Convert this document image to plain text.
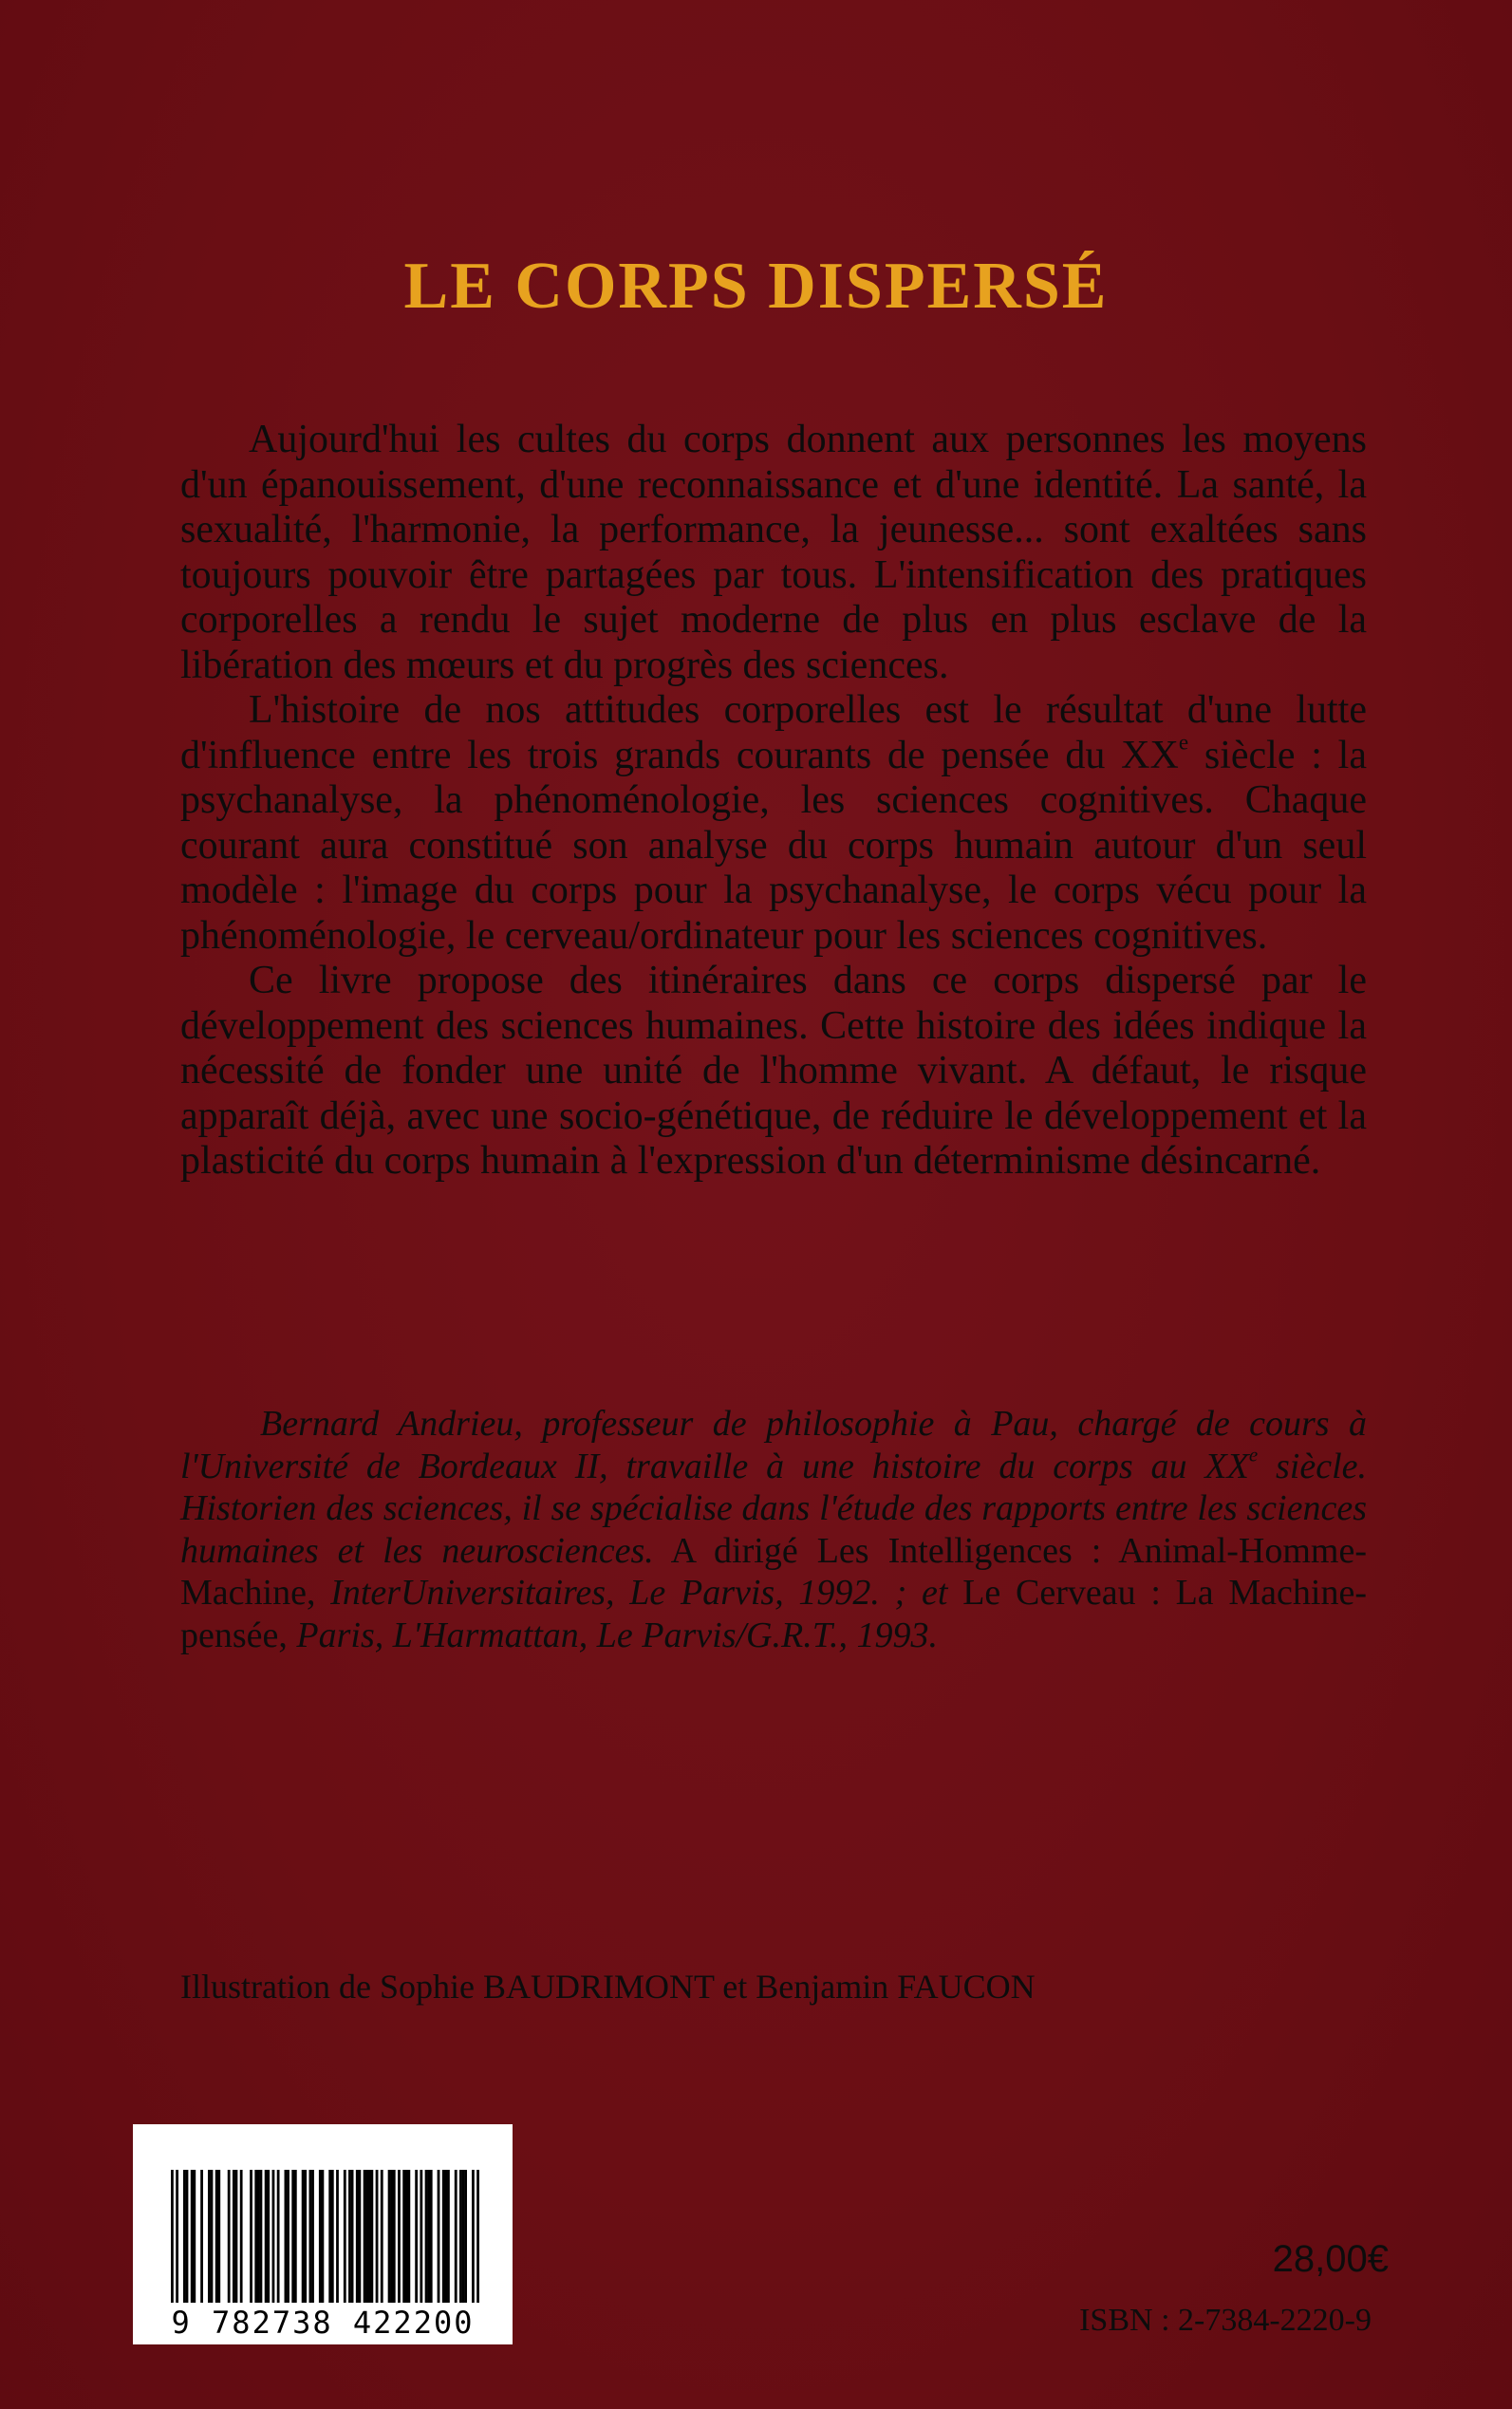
LE CORPS DISPERSÉ

Aujourd'hui les cultes du corps donnent aux personnes les moyens d'un épanouissement, d'une reconnaissance et d'une identité. La santé, la sexualité, l'harmonie, la performance, la jeunesse... sont exaltées sans toujours pouvoir être partagées par tous. L'intensification des pratiques corporelles a rendu le sujet moderne de plus en plus esclave de la libération des mœurs et du progrès des sciences.

L'histoire de nos attitudes corporelles est le résultat d'une lutte d'influence entre les trois grands courants de pensée du XXe siècle : la psychanalyse, la phénoménologie, les sciences cognitives. Chaque courant aura constitué son analyse du corps humain autour d'un seul modèle : l'image du corps pour la psychanalyse, le corps vécu pour la phénoménologie, le cerveau/ordinateur pour les sciences cognitives.

Ce livre propose des itinéraires dans ce corps dispersé par le développement des sciences humaines. Cette histoire des idées indique la nécessité de fonder une unité de l'homme vivant. A défaut, le risque apparaît déjà, avec une socio-génétique, de réduire le développement et la plasticité du corps humain à l'expression d'un déterminisme désincarné.

Bernard Andrieu, professeur de philosophie à Pau, chargé de cours à l'Université de Bordeaux II, travaille à une histoire du corps au XXe siècle. Historien des sciences, il se spécialise dans l'étude des rapports entre les sciences humaines et les neurosciences. A dirigé Les Intelligences : Animal-Homme-Machine, InterUniversitaires, Le Parvis, 1992. ; et Le Cerveau : La Machine-pensée, Paris, L'Harmattan, Le Parvis/G.R.T., 1993.

Illustration de Sophie BAUDRIMONT et Benjamin FAUCON
9 782738 422200
28,00€
ISBN : 2-7384-2220-9
